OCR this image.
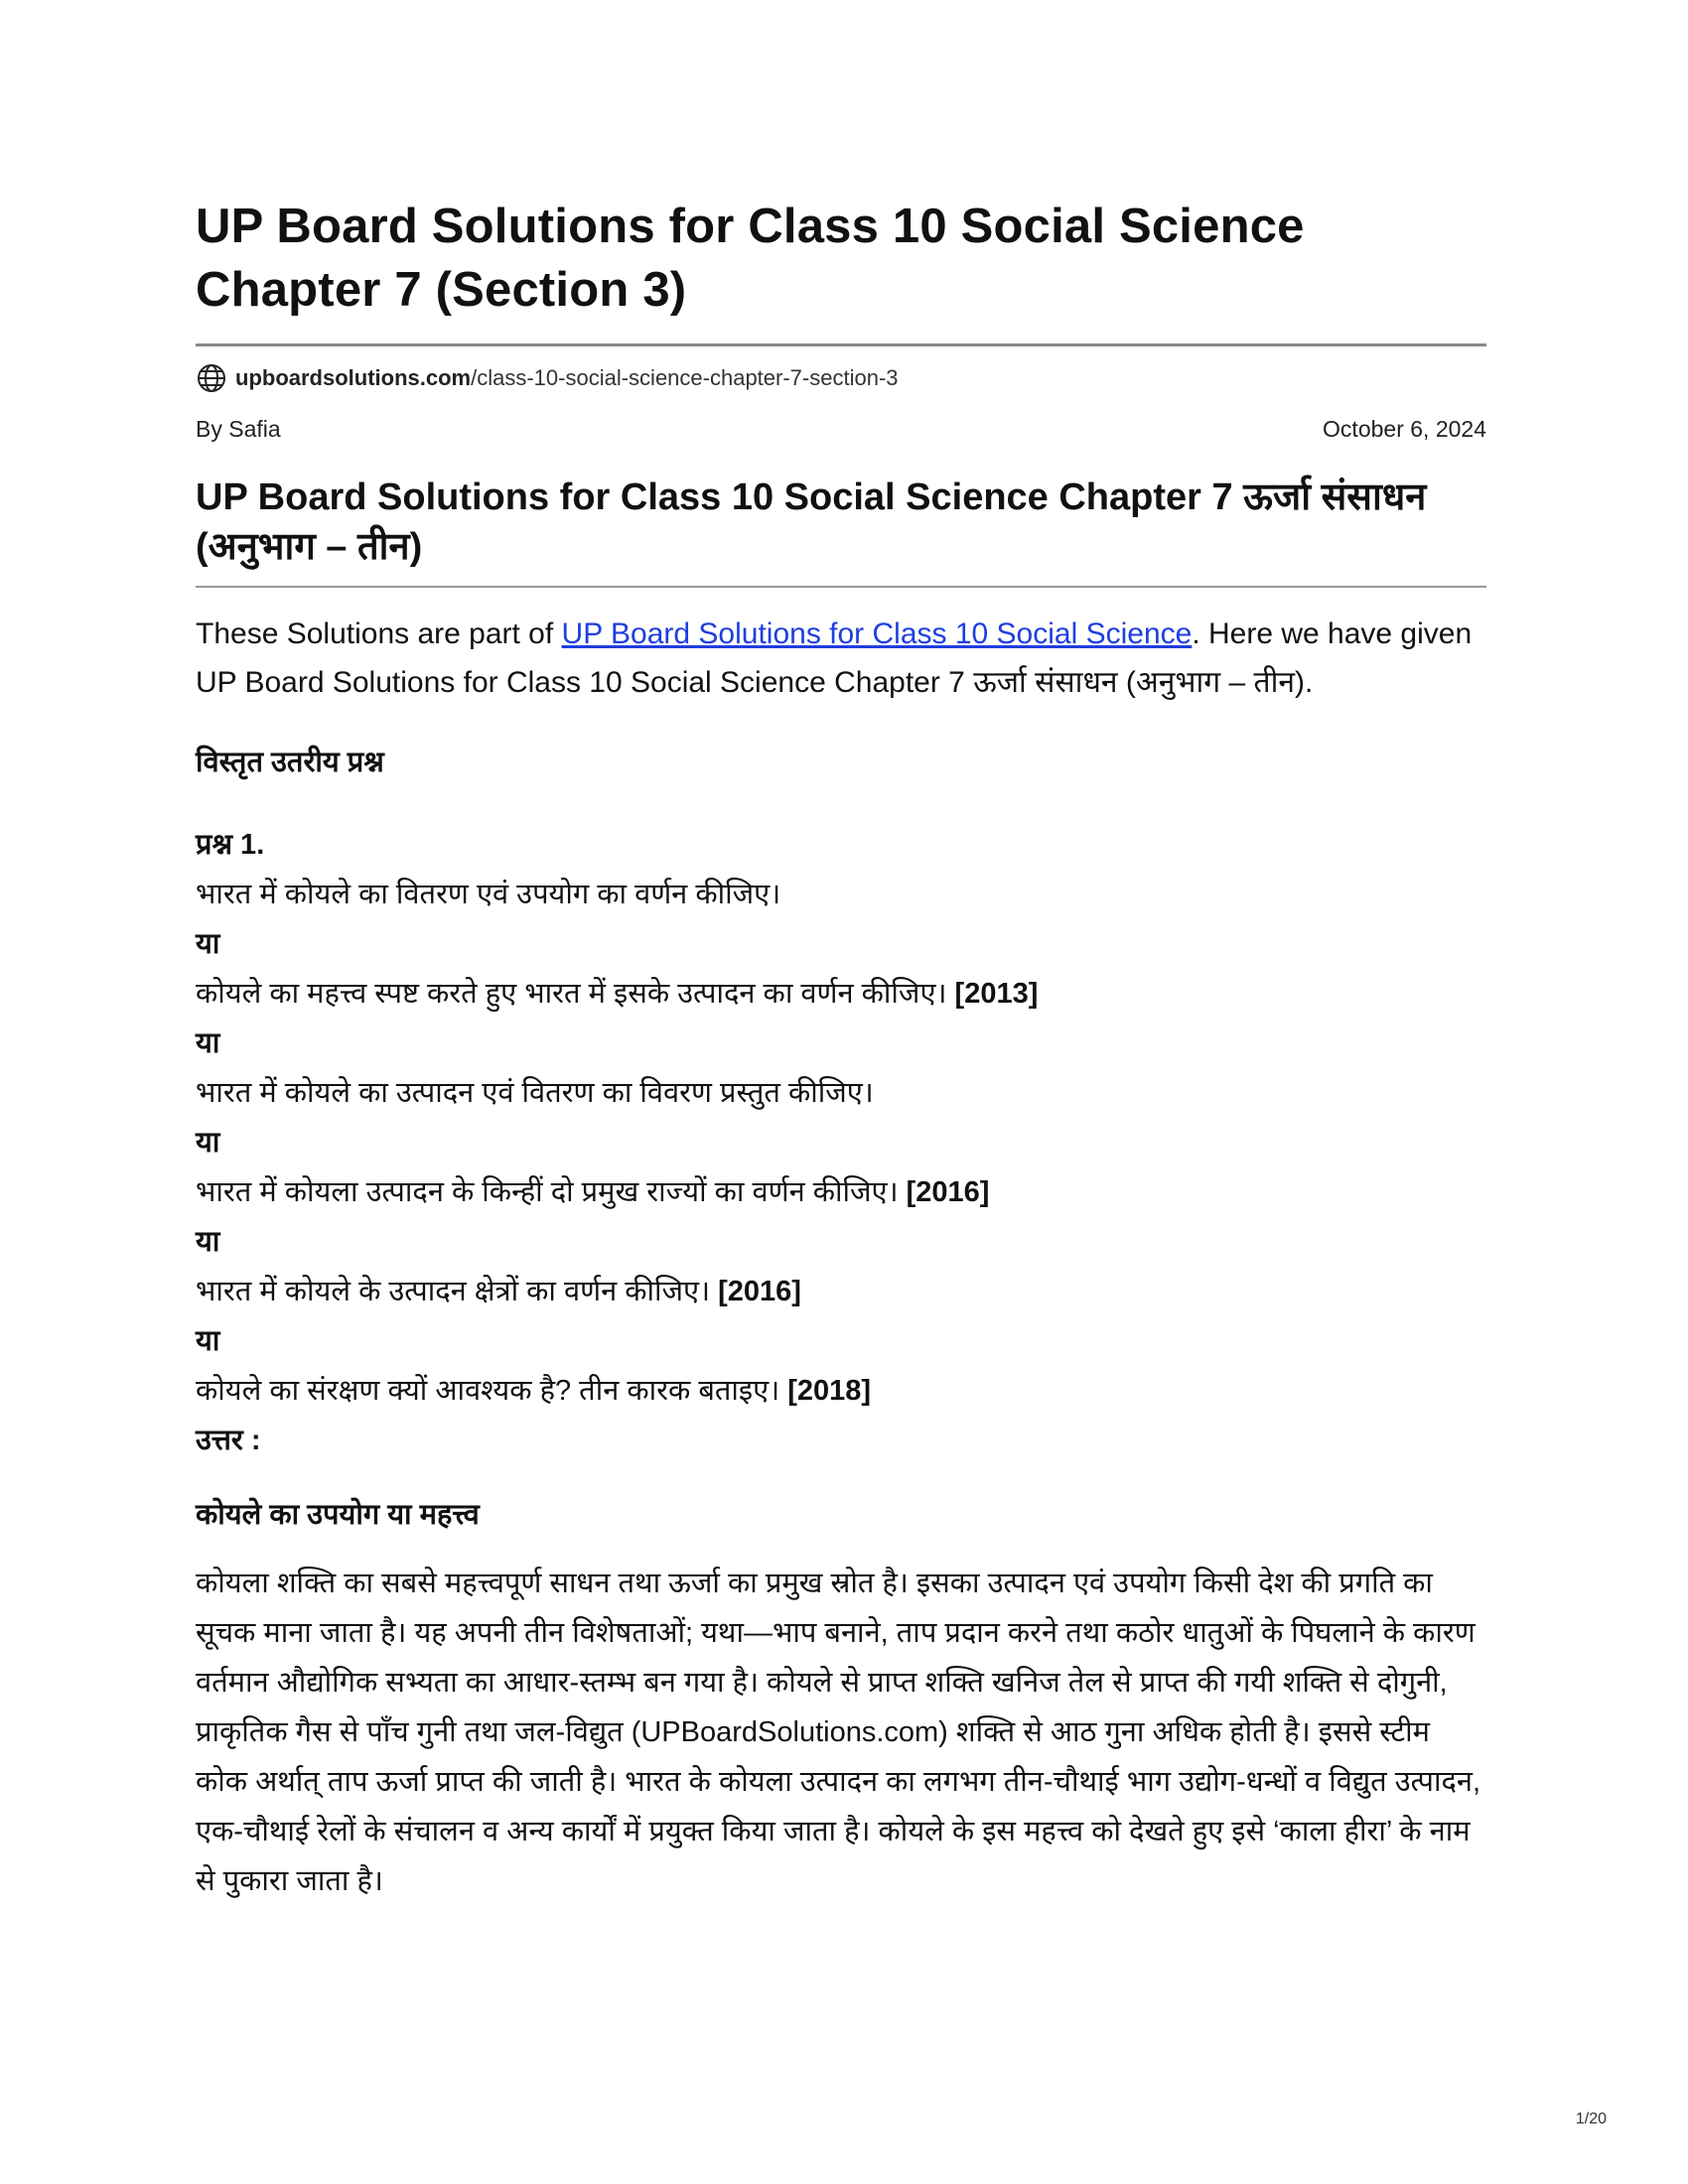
UP Board Solutions for Class 10 Social Science Chapter 7 (Section 3)
upboardsolutions.com /class-10-social-science-chapter-7-section-3
By Safia	October 6, 2024
UP Board Solutions for Class 10 Social Science Chapter 7 ऊर्जा संसाधन (अनुभाग – तीन)

These Solutions are part of UP Board Solutions for Class 10 Social Science. Here we have given UP Board Solutions for Class 10 Social Science Chapter 7 ऊर्जा संसाधन (अनुभाग – तीन).

विस्तृत उतरीय प्रश्न
प्रश्न 1.
भारत में कोयले का वितरण एवं उपयोग का वर्णन कीजिए।
या
कोयले का महत्त्व स्पष्ट करते हुए भारत में इसके उत्पादन का वर्णन कीजिए। [2013]
या
भारत में कोयले का उत्पादन एवं वितरण का विवरण प्रस्तुत कीजिए।
या
भारत में कोयला उत्पादन के किन्हीं दो प्रमुख राज्यों का वर्णन कीजिए। [2016]
या
भारत में कोयले के उत्पादन क्षेत्रों का वर्णन कीजिए। [2016]
या
कोयले का संरक्षण क्यों आवश्यक है? तीन कारक बताइए। [2018]
उत्तर :
कोयले का उपयोग या महत्त्व
कोयला शक्ति का सबसे महत्त्वपूर्ण साधन तथा ऊर्जा का प्रमुख स्रोत है। इसका उत्पादन एवं उपयोग किसी देश की प्रगति का सूचक माना जाता है। यह अपनी तीन विशेषताओं; यथा—भाप बनाने, ताप प्रदान करने तथा कठोर धातुओं के पिघलाने के कारण वर्तमान औद्योगिक सभ्यता का आधार-स्तम्भ बन गया है। कोयले से प्राप्त शक्ति खनिज तेल से प्राप्त की गयी शक्ति से दोगुनी, प्राकृतिक गैस से पाँच गुनी तथा जल-विद्युत (UPBoardSolutions.com) शक्ति से आठ गुना अधिक होती है। इससे स्टीम कोक अर्थात् ताप ऊर्जा प्राप्त की जाती है। भारत के कोयला उत्पादन का लगभग तीन-चौथाई भाग उद्योग-धन्धों व विद्युत उत्पादन, एक-चौथाई रेलों के संचालन व अन्य कार्यों में प्रयुक्त किया जाता है। कोयले के इस महत्त्व को देखते हुए इसे ‘काला हीरा’ के नाम से पुकारा जाता है।
1/20
